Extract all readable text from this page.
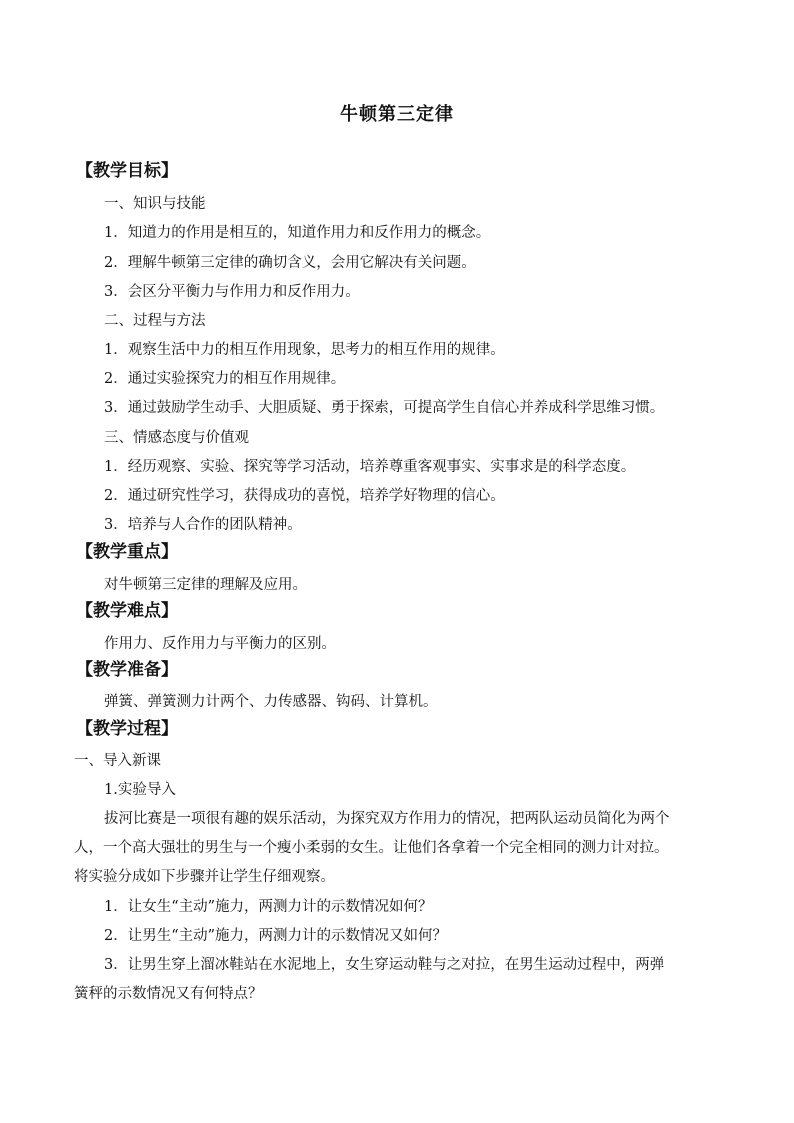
牛顿第三定律
【教学目标】
一、知识与技能
1．知道力的作用是相互的，知道作用力和反作用力的概念。
2．理解牛顿第三定律的确切含义，会用它解决有关问题。
3．会区分平衡力与作用力和反作用力。
二、过程与方法
1．观察生活中力的相互作用现象，思考力的相互作用的规律。
2．通过实验探究力的相互作用规律。
3．通过鼓励学生动手、大胆质疑、勇于探索，可提高学生自信心并养成科学思维习惯。
三、情感态度与价值观
1．经历观察、实验、探究等学习活动，培养尊重客观事实、实事求是的科学态度。
2．通过研究性学习，获得成功的喜悦，培养学好物理的信心。
3．培养与人合作的团队精神。
【教学重点】
对牛顿第三定律的理解及应用。
【教学难点】
作用力、反作用力与平衡力的区别。
【教学准备】
弹簧、弹簧测力计两个、力传感器、钩码、计算机。
【教学过程】
一、导入新课
1.实验导入
拔河比赛是一项很有趣的娱乐活动，为探究双方作用力的情况，把两队运动员简化为两个
人，一个高大强壮的男生与一个瘦小柔弱的女生。让他们各拿着一个完全相同的测力计对拉。
将实验分成如下步骤并让学生仔细观察。
1．让女生“主动”施力，两测力计的示数情况如何？
2．让男生“主动”施力，两测力计的示数情况又如何？
3．让男生穿上溜冰鞋站在水泥地上，女生穿运动鞋与之对拉，在男生运动过程中，两弹
簧秤的示数情况又有何特点？
